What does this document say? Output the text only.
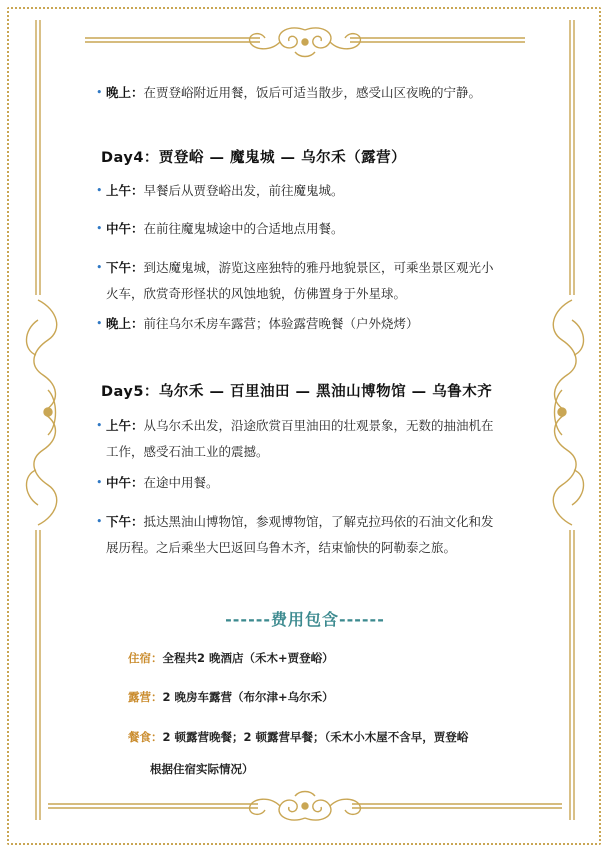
• 晚上：在贾登峪附近用餐，饭后可适当散步，感受山区夜晚的宁静。
Day4：贾登峪 — 魔鬼城 — 乌尔禾（露营）
• 上午：早餐后从贾登峪出发，前往魔鬼城。
• 中午：在前往魔鬼城途中的合适地点用餐。
• 下午：到达魔鬼城，游览这座独特的雅丹地貌景区，可乘坐景区观光小火车，欣赏奇形怪状的风蚀地貌，仿佛置身于外星球。
• 晚上：前往乌尔禾房车露营；体验露营晚餐（户外烧烤）
Day5：乌尔禾 — 百里油田 — 黑油山博物馆 — 乌鲁木齐
• 上午：从乌尔禾出发，沿途欣赏百里油田的壮观景象，无数的抽油机在工作，感受石油工业的震撼。
• 中午：在途中用餐。
• 下午：抵达黑油山博物馆，参观博物馆，了解克拉玛依的石油文化和发展历程。之后乘坐大巴返回乌鲁木齐，结束愉快的阿勒泰之旅。
------费用包含------
住宿：全程共2 晚酒店（禾木+贾登峪）
露营：2 晚房车露营（布尔津+乌尔禾）
餐食：2 顿露营晚餐；2 顿露营早餐；（禾木小木屋不含早，贾登峪
根据住宿实际情况）
